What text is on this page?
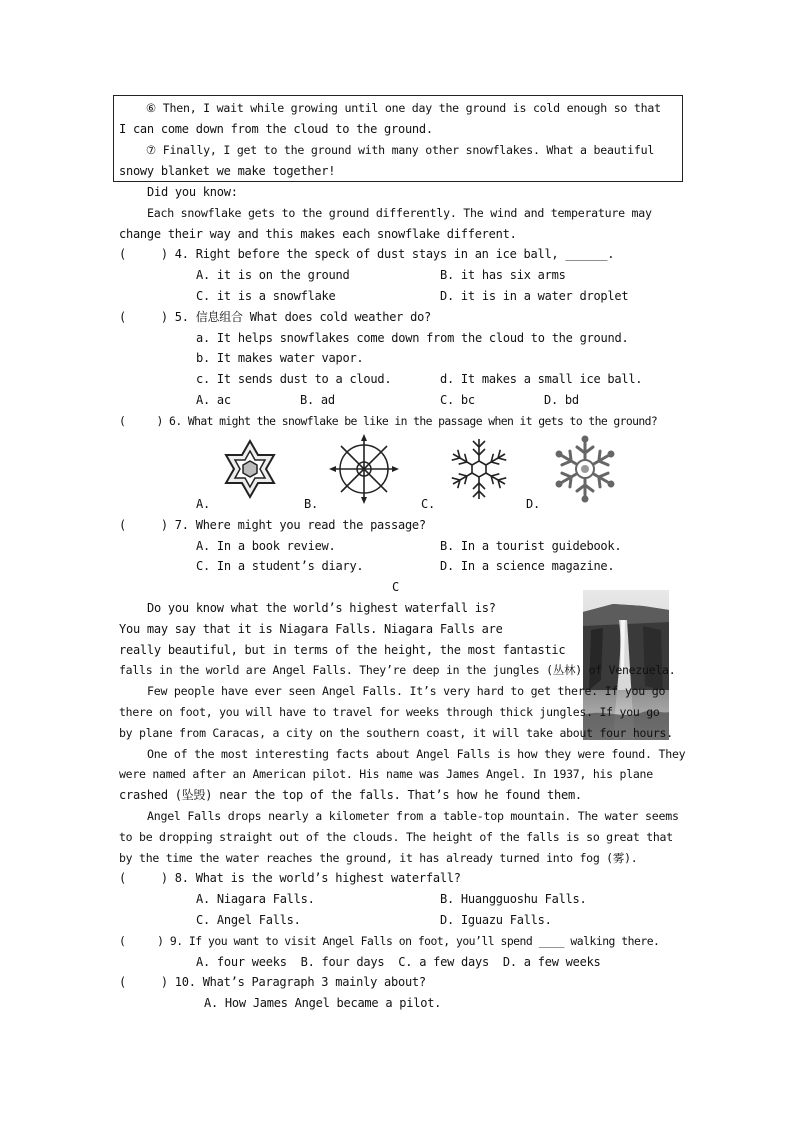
⑥ Then, I wait while growing until one day the ground is cold enough so that
I can come down from the cloud to the ground.
⑦ Finally, I get to the ground with many other snowflakes. What a beautiful
snowy blanket we make together!
Did you know:
Each snowflake gets to the ground differently. The wind and temperature may
change their way and this makes each snowflake different.
(     ) 4. Right before the speck of dust stays in an ice ball, ______.
A. it is on the ground	B. it has six arms
C. it is a snowflake	D. it is in a water droplet
(     ) 5. 信息组合 What does cold weather do?
a. It helps snowflakes come down from the cloud to the ground.
b. It makes water vapor.
c. It sends dust to a cloud.	d. It makes a small ice ball.
A. ac	B. ad	C. bc	D. bd
(     ) 6. What might the snowflake be like in the passage when it gets to the ground?
A.	B.	C.	D.
(     ) 7. Where might you read the passage?
A. In a book review.	B. In a tourist guidebook.
C. In a student’s diary.	D. In a science magazine.
C
Do you know what the world’s highest waterfall is?
You may say that it is Niagara Falls. Niagara Falls are
really beautiful, but in terms of the height, the most fantastic
falls in the world are Angel Falls. They’re deep in the jungles (丛林) of Venezuela.
Few people have ever seen Angel Falls. It’s very hard to get there. If you go
there on foot, you will have to travel for weeks through thick jungles. If you go
by plane from Caracas, a city on the southern coast, it will take about four hours.
One of the most interesting facts about Angel Falls is how they were found. They
were named after an American pilot. His name was James Angel. In 1937, his plane
crashed (坠毁) near the top of the falls. That’s how he found them.
Angel Falls drops nearly a kilometer from a table-top mountain. The water seems
to be dropping straight out of the clouds. The height of the falls is so great that
by the time the water reaches the ground, it has already turned into fog (雾).
(     ) 8. What is the world’s highest waterfall?
A. Niagara Falls.	B. Huangguoshu Falls.
C. Angel Falls.	D. Iguazu Falls.
(     ) 9. If you want to visit Angel Falls on foot, you’ll spend ____ walking there.
A. four weeks  B. four days  C. a few days  D. a few weeks
(     ) 10. What’s Paragraph 3 mainly about?
A. How James Angel became a pilot.
